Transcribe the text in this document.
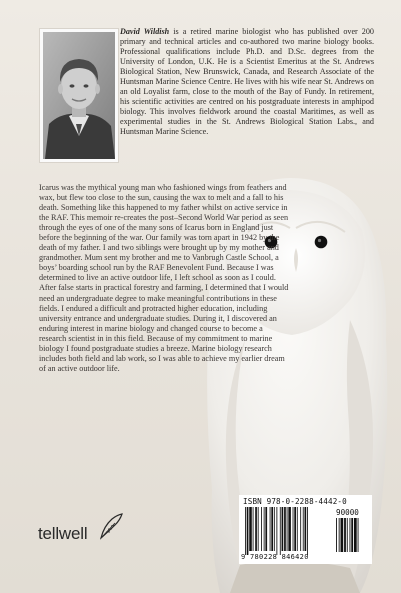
David Wildish is a retired marine biologist who has published over 200 primary and technical articles and co-authored two marine biology books. Professional qualifications include Ph.D. and D.Sc. degrees from the University of London, U.K. He is a Scientist Emeritus at the St. Andrews Biological Station, New Brunswick, Canada, and Research Associate of the Huntsman Marine Science Centre. He lives with his wife near St. Andrews on an old Loyalist farm, close to the mouth of the Bay of Fundy. In retirement, his scientific activities are centred on his postgraduate interests in amphipod biology. This involves fieldwork around the coastal Maritimes, as well as experimental studies in the St. Andrews Biological Station Labs., and Huntsman Marine Science.

Icarus was the mythical young man who fashioned wings from feathers and wax, but flew too close to the sun, causing the wax to melt and a fall to his death. Something like this happened to my father whilst on active service in the RAF. This memoir re-creates the post–Second World War period as seen through the eyes of one of the many sons of Icarus born in England just before the beginning of the war. Our family was torn apart in 1942 by the death of my father. I and two siblings were brought up by my mother and grandmother. Mum sent my brother and me to Vanbrugh Castle School, a boys’ boarding school run by the RAF Benevolent Fund. Because I was determined to live an active outdoor life, I left school as soon as I could. After false starts in practical forestry and farming, I determined that I would need an undergraduate degree to make meaningful contributions in these fields. I endured a difficult and protracted higher education, including university entrance and undergraduate studies. During it, I discovered an enduring interest in marine biology and changed course to become a research scientist in in this field. Because of my commitment to marine biology I found postgraduate studies a breeze. Marine biology research includes both field and lab work, so I was able to achieve my earlier dream of an active outdoor life.

ISBN 978-0-2288-4442-0
90000
9 780228 846420
tellwell
